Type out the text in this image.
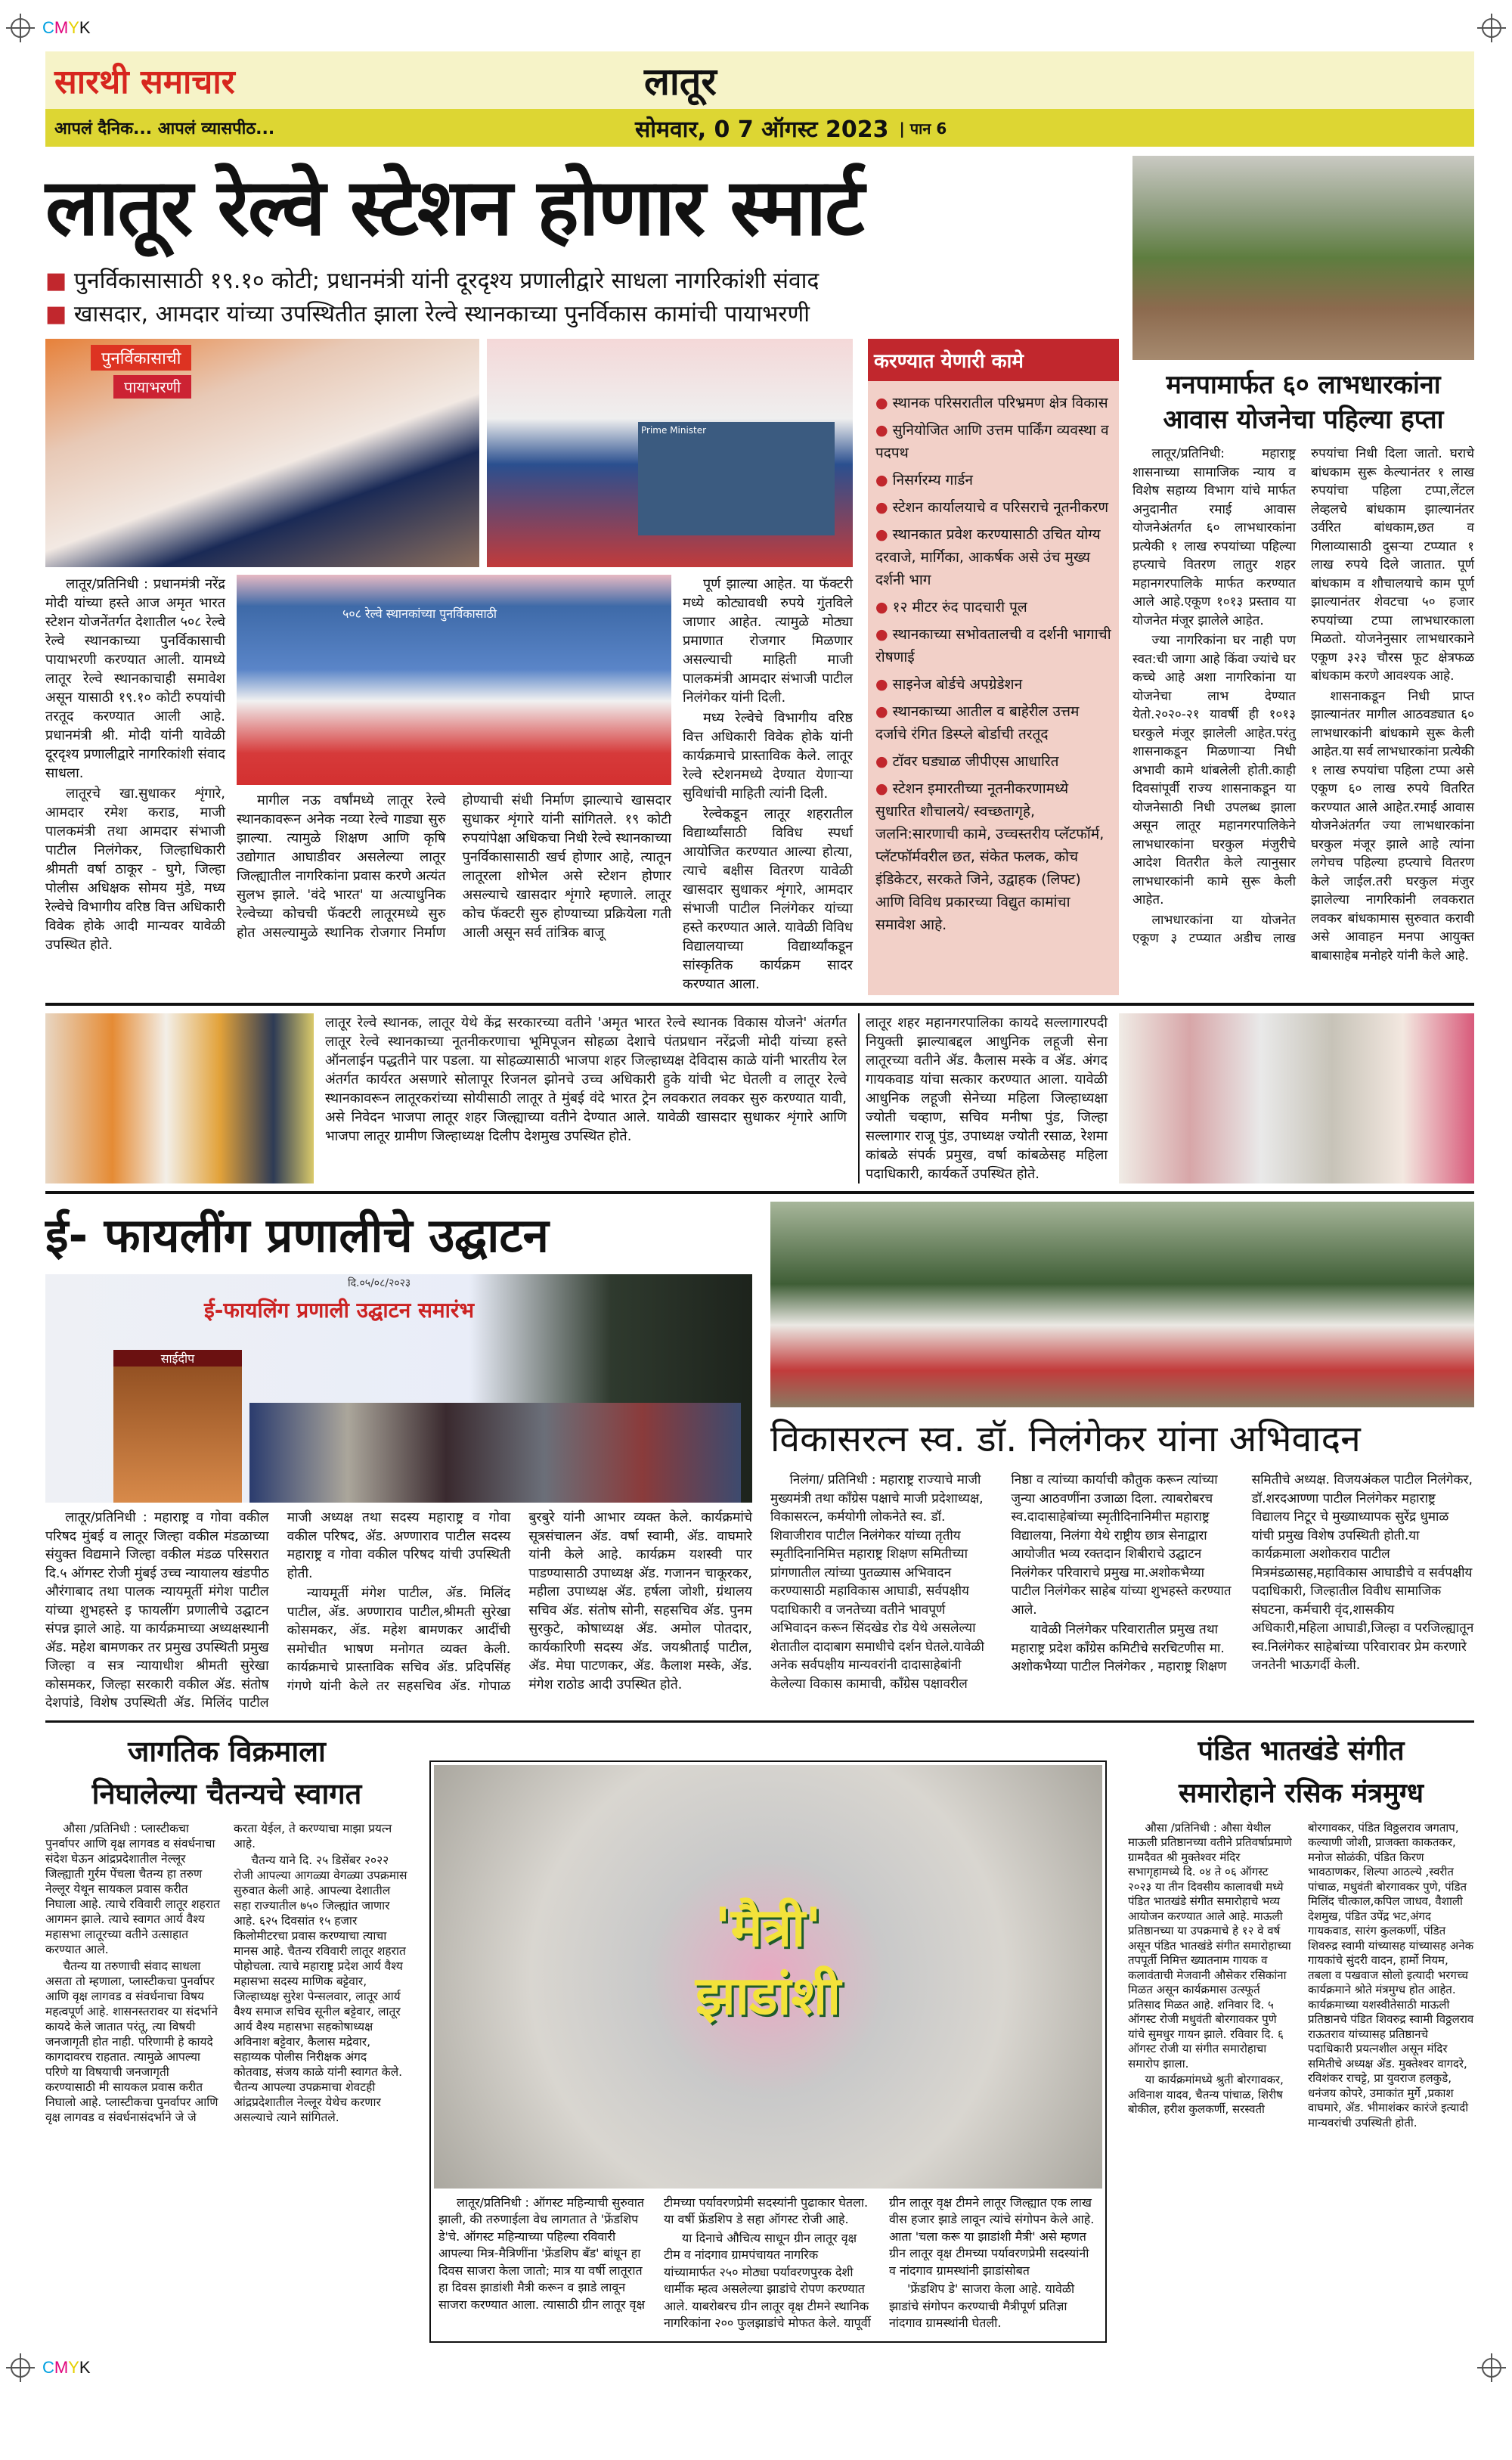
CMYK
सारथी समाचार	लातूर
आपलं दैनिक... आपलं व्यासपीठ...	सोमवार, 0 7 ऑगस्ट 2023 | पान 6
लातूर रेल्वे स्टेशन होणार स्मार्ट
■ पुनर्विकासासाठी १९.१० कोटी; प्रधानमंत्री यांनी दूरदृश्य प्रणालीद्वारे साधला नागरिकांशी संवाद
■ खासदार, आमदार यांच्या उपस्थितीत झाला रेल्वे स्थानकाच्या पुनर्विकास कामांची पायाभरणी
पुनर्विकासाची
पायाभरणी
Prime Minister

लातूर/प्रतिनिधी : प्रधानमंत्री नरेंद्र मोदी यांच्या हस्ते आज अमृत भारत स्टेशन योजनेंतर्गत देशातील ५०८ रेल्वे रेल्वे स्थानकाच्या पुनर्विकासाची पायाभरणी करण्यात आली. यामध्ये लातूर रेल्वे स्थानकाचाही समावेश असून यासाठी १९.१० कोटी रुपयांची तरतूद करण्यात आली आहे. प्रधानमंत्री श्री. मोदी यांनी यावेळी दूरदृश्य प्रणालीद्वारे नागरिकांशी संवाद साधला.

लातूरचे खा.सुधाकर शृंगारे, आमदार रमेश कराड, माजी पालकमंत्री तथा आमदार संभाजी पाटील निलंगेकर, जिल्हाधिकारी श्रीमती वर्षा ठाकूर - घुगे, जिल्हा पोलीस अधिक्षक सोमय मुंडे, मध्य रेल्वेचे विभागीय वरिष्ठ वित्त अधिकारी विवेक होके आदी मान्यवर यावेळी उपस्थित होते.

५०८ रेल्वे स्थानकांच्या पुनर्विकासाठी

मागील नऊ वर्षांमध्ये लातूर रेल्वे स्थानकावरून अनेक नव्या रेल्वे गाड्या सुरु झाल्या. त्यामुळे शिक्षण आणि कृषि उद्योगात आघाडीवर असलेल्या लातूर जिल्ह्यातील नागरिकांना प्रवास करणे अत्यंत सुलभ झाले. 'वंदे भारत' या अत्याधुनिक रेल्वेच्या कोचची फॅक्टरी लातूरमध्ये सुरु होत असल्यामुळे स्थानिक रोजगार निर्माण होण्याची संधी निर्माण झाल्याचे खासदार सुधाकर शृंगारे यांनी सांगितले. १९ कोटी रुपयांपेक्षा अधिकचा निधी रेल्वे स्थानकाच्या पुनर्विकासासाठी खर्च होणार आहे, त्यातून लातूरला शोभेल असे स्टेशन होणार असल्याचे खासदार शृंगारे म्हणाले. लातूर कोच फॅक्टरी सुरु होण्याच्या प्रक्रियेला गती आली असून सर्व तांत्रिक बाजू

पूर्ण झाल्या आहेत. या फॅक्टरी मध्ये कोट्यावधी रुपये गुंतविले जाणार आहेत. त्यामुळे मोठ्या प्रमाणात रोजगार मिळणार असल्याची माहिती माजी पालकमंत्री आमदार संभाजी पाटील निलंगेकर यांनी दिली.

मध्य रेल्वेचे विभागीय वरिष्ठ वित्त अधिकारी विवेक होके यांनी कार्यक्रमाचे प्रास्ताविक केले. लातूर रेल्वे स्टेशनमध्ये देण्यात येणाऱ्या सुविधांची माहिती त्यांनी दिली.

रेल्वेकडून लातूर शहरातील विद्यार्थ्यांसाठी विविध स्पर्धा आयोजित करण्यात आल्या होत्या, त्याचे बक्षीस वितरण यावेळी खासदार सुधाकर शृंगारे, आमदार संभाजी पाटील निलंगेकर यांच्या हस्ते करण्यात आले. यावेळी विविध विद्यालयाच्या विद्यार्थ्यांकडून सांस्कृतिक कार्यक्रम सादर करण्यात आला.

करण्यात येणारी कामे
● स्थानक परिसरातील परिभ्रमण क्षेत्र विकास
● सुनियोजित आणि उत्तम पार्किंग व्यवस्था व पदपथ
● निसर्गरम्य गार्डन
● स्टेशन कार्यालयाचे व परिसराचे नूतनीकरण
● स्थानकात प्रवेश करण्यासाठी उचित योग्य दरवाजे, मार्गिका, आकर्षक असे उंच मुख्य दर्शनी भाग
● १२ मीटर रुंद पादचारी पूल
● स्थानकाच्या सभोवतालची व दर्शनी भागाची रोषणाई
● साइनेज बोर्डचे अपग्रेडेशन
● स्थानकाच्या आतील व बाहेरील उत्तम दर्जाचे रंगित डिस्प्ले बोर्डाची तरतूद
● टॉवर घड्याळ जीपीएस आधारित
● स्टेशन इमारतीच्या नूतनीकरणामध्ये सुधारित शौचालये/ स्वच्छतागृहे, जलनि:सारणाची कामे, उच्चस्तरीय प्लॅटफॉर्म, प्लॅटफॉर्मवरील छत, संकेत फलक, कोच इंडिकेटर, सरकते जिने, उद्वाहक (लिफ्ट) आणि विविध प्रकारच्या विद्युत कामांचा समावेश आहे.
मनपामार्फत ६० लाभधारकांना आवास योजनेचा पहिल्या हप्ता

लातूर/प्रतिनिधी: महाराष्ट्र शासनाच्या सामाजिक न्याय व विशेष सहाय्य विभाग यांचे मार्फत अनुदानीत रमाई आवास योजनेअंतर्गत ६० लाभधारकांना प्रत्येकी १ लाख रुपयांच्या पहिल्या हप्त्याचे वितरण लातुर शहर महानगरपालिके मार्फत करण्यात आले आहे.एकूण १०१३ प्रस्ताव या योजनेत मंजूर झालेले आहेत.

ज्या नागरिकांना घर नाही पण स्वत:ची जागा आहे किंवा ज्यांचे घर कच्चे आहे अशा नागरिकांना या योजनेचा लाभ देण्यात येतो.२०२०-२१ यावर्षी ही १०१३ घरकुले मंजूर झालेली आहेत.परंतु शासनाकडून मिळणाऱ्या निधी अभावी कामे थांबलेली होती.काही दिवसांपूर्वी राज्य शासनाकडून या योजनेसाठी निधी उपलब्ध झाला असून लातूर महानगरपालिकेने लाभधारकांना घरकुल मंजुरीचे आदेश वितरीत केले त्यानुसार लाभधारकांनी कामे सुरू केली आहेत.

लाभधारकांना या योजनेत एकूण ३ टप्प्यात अडीच लाख रुपयांचा निधी दिला जातो. घराचे बांधकाम सुरू केल्यानंतर १ लाख रुपयांचा पहिला टप्पा,लेंटल लेव्हलचे बांधकाम झाल्यानंतर उर्वरित बांधकाम,छत व गिलाव्यासाठी दुसऱ्या टप्प्यात १ लाख रुपये दिले जातात. पूर्ण बांधकाम व शौचालयाचे काम पूर्ण झाल्यानंतर शेवटचा ५० हजार रुपयांच्या टप्पा लाभधारकाला मिळतो. योजनेनुसार लाभधारकाने एकूण ३२३ चौरस फूट क्षेत्रफळ बांधकाम करणे आवश्यक आहे.

शासनाकडून निधी प्राप्त झाल्यानंतर मागील आठवड्यात ६० लाभधारकांनी बांधकामे सुरू केली आहेत.या सर्व लाभधारकांना प्रत्येकी १ लाख रुपयांचा पहिला टप्पा असे एकूण ६० लाख रुपये वितरित करण्यात आले आहेत.रमाई आवास योजनेअंतर्गत ज्या लाभधारकांना घरकुल मंजूर झाले आहे त्यांना लगेचच पहिल्या हप्त्याचे वितरण केले जाईल.तरी घरकुल मंजुर झालेल्या नागरिकांनी लवकरात लवकर बांधकामास सुरुवात करावी असे आवाहन मनपा आयुक्त बाबासाहेब मनोहरे यांनी केले आहे.

लातूर रेल्वे स्थानक, लातूर येथे केंद्र सरकारच्या वतीने 'अमृत भारत रेल्वे स्थानक विकास योजने' अंतर्गत लातूर रेल्वे स्थानकाच्या नूतनीकरणाचा भूमिपूजन सोहळा देशाचे पंतप्रधान नरेंद्रजी मोदी यांच्या हस्ते ऑनलाईन पद्धतीने पार पडला. या सोहळ्यासाठी भाजपा शहर जिल्हाध्यक्ष देविदास काळे यांनी भारतीय रेल अंतर्गत कार्यरत असणारे सोलापूर रिजनल झोनचे उच्च अधिकारी हुके यांची भेट घेतली व लातूर रेल्वे स्थानकावरून लातूरकरांच्या सोयीसाठी लातूर ते मुंबई वंदे भारत ट्रेन लवकरात लवकर सुरु करण्यात यावी, असे निवेदन भाजपा लातूर शहर जिल्ह्याच्या वतीने देण्यात आले. यावेळी खासदार सुधाकर शृंगारे आणि भाजपा लातूर ग्रामीण जिल्हाध्यक्ष दिलीप देशमुख उपस्थित होते.
लातूर शहर महानगरपालिका कायदे सल्लागारपदी नियुक्ती झाल्याबद्दल आधुनिक लहूजी सेना लातूरच्या वतीने ॲड. कैलास मस्के व ॲड. अंगद गायकवाड यांचा सत्कार करण्यात आला. यावेळी आधुनिक लहूजी सेनेच्या महिला जिल्हाध्यक्षा ज्योती चव्हाण, सचिव मनीषा पुंड, जिल्हा सल्लागार राजू पुंड, उपाध्यक्ष ज्योती रसाळ, रेशमा कांबळे संपर्क प्रमुख, वर्षा कांबळेसह महिला पदाधिकारी, कार्यकर्ते उपस्थित होते.
ई- फायलींग प्रणालीचे उद्घाटन
दि.०५/०८/२०२३
ई-फायलिंग प्रणाली उद्घाटन समारंभ
साईदीप

लातूर/प्रतिनिधी : महाराष्ट्र व गोवा वकील परिषद मुंबई व लातूर जिल्हा वकील मंडळाच्या संयुक्त विद्यमाने जिल्हा वकील मंडळ परिसरात दि.५ ऑगस्ट रोजी मुंबई उच्च न्यायालय खंडपीठ औरंगाबाद तथा पालक न्यायमूर्ती मंगेश पाटील यांच्या शुभहस्ते इ फायलींग प्रणालीचे उद्घाटन संपन्न झाले आहे. या कार्यक्रमाच्या अध्यक्षस्थानी ॲड. महेश बामणकर तर प्रमुख उपस्थिती प्रमुख जिल्हा व सत्र न्यायाधीश श्रीमती सुरेखा कोसमकर, जिल्हा सरकारी वकील ॲड. संतोष देशपांडे, विशेष उपस्थिती ॲड. मिलिंद पाटील माजी अध्यक्ष तथा सदस्य महाराष्ट्र व गोवा वकील परिषद, ॲड. अण्णाराव पाटील सदस्य महाराष्ट्र व गोवा वकील परिषद यांची उपस्थिती होती.

न्यायमूर्ती मंगेश पाटील, ॲड. मिलिंद पाटील, ॲड. अण्णाराव पाटील,श्रीमती सुरेखा कोसमकर, ॲड. महेश बामणकर आदींची समोचीत भाषण मनोगत व्यक्त केली. कार्यक्रमाचे प्रास्ताविक सचिव ॲड. प्रदिपसिंह गंगणे यांनी केले तर सहसचिव ॲड. गोपाळ बुरबुरे यांनी आभार व्यक्त केले. कार्यक्रमांचे सूत्रसंचालन ॲड. वर्षा स्वामी, ॲड. वाघमारे यांनी केले आहे. कार्यक्रम यशस्वी पार पाडण्यासाठी उपाध्यक्ष ॲड. गजानन चाकूरकर, महीला उपाध्यक्ष ॲड. हर्षला जोशी, ग्रंथालय सचिव ॲड. संतोष सोनी, सहसचिव ॲड. पुनम सुरकुटे, कोषाध्यक्ष ॲड. अमोल पोतदार, कार्यकारिणी सदस्य ॲड. जयश्रीताई पाटील, ॲड. मेघा पाटणकर, ॲड. कैलाश मस्के, ॲड. मंगेश राठोड आदी उपस्थित होते.

विकासरत्न स्व. डॉ. निलंगेकर यांना अभिवादन

निलंगा/ प्रतिनिधी : महाराष्ट्र राज्याचे माजी मुख्यमंत्री तथा काँग्रेस पक्षाचे माजी प्रदेशाध्यक्ष, विकासरत्न, कर्मयोगी लोकनेते स्व. डॉ. शिवाजीराव पाटील निलंगेकर यांच्या तृतीय स्मृतीदिनानिमित्त महाराष्ट्र शिक्षण समितीच्या प्रांगणातील त्यांच्या पुतळ्यास अभिवादन करण्यासाठी महाविकास आघाडी, सर्वपक्षीय पदाधिकारी व जनतेच्या वतीने भावपूर्ण अभिवादन करून सिंदखेड रोड येथे असलेल्या शेतातील दादाबाग समाधीचे दर्शन घेतले.यावेळी अनेक सर्वपक्षीय मान्यवरांनी दादासाहेबांनी केलेल्या विकास कामाची, काँग्रेस पक्षावरील निष्ठा व त्यांच्या कार्याची कौतुक करून त्यांच्या जुन्या आठवणींना उजाळा दिला. त्याबरोबरच स्व.दादासाहेबांच्या स्मृतीदिनानिमीत्त महाराष्ट्र विद्यालया, निलंगा येथे राष्ट्रीय छात्र सेनाद्वारा आयोजीत भव्य रक्तदान शिबीराचे उद्घाटन निलंगेकर परिवाराचे प्रमुख मा.अशोकभैय्या पाटील निलंगेकर साहेब यांच्या शुभहस्ते करण्यात आले.

यावेळी निलंगेकर परिवारातील प्रमुख तथा महाराष्ट्र प्रदेश काँग्रेस कमिटीचे सरचिटणीस मा. अशोकभैय्या पाटील निलंगेकर , महाराष्ट्र शिक्षण समितीचे अध्यक्ष. विजयअंकल पाटील निलंगेकर, डॉ.शरदआण्णा पाटील निलंगेकर महाराष्ट्र विद्यालय निटूर चे मुख्याध्यापक सुरेंद्र धुमाळ यांची प्रमुख विशेष उपस्थिती होती.या कार्यक्रमाला अशोकराव पाटील मित्रमंडळासह,महाविकास आघाडीचे व सर्वपक्षीय पदाधिकारी, जिल्हातील विवीध सामाजिक संघटना, कर्मचारी वृंद,शासकीय अधिकारी,महिला आघाडी,जिल्हा व परजिल्ह्यातून स्व.निलंगेकर साहेबांच्या परिवारावर प्रेम करणारे जनतेनी भाऊगर्दी केली.

जागतिक विक्रमाला
निघालेल्या चैतन्यचे स्वागत

औसा /प्रतिनिधी : प्लास्टीकचा पुनर्वापर आणि वृक्ष लागवड व संवर्धनाचा संदेश घेऊन आंद्रप्रदेशातील नेल्लूर जिल्ह्याती गुर्रम पेंचला चैतन्य हा तरुण नेल्लूर येथून सायकल प्रवास करीत निघाला आहे. त्याचे रविवारी लातूर शहरात आगमन झाले. त्याचे स्वागत आर्य वैश्य महासभा लातूरच्या वतीने उत्साहात करण्यात आले.

चैतन्य या तरुणाची संवाद साधला असता तो म्हणाला, प्लास्टीकचा पुनर्वापर आणि वृक्ष लागवड व संवर्धनाचा विषय महत्वपूर्ण आहे. शासनस्तरावर या संदर्भाने कायदे केले जातात परंतू, त्या विषयी जनजागृती होत नाही. परिणामी हे कायदे कागदावरच राहतात. त्यामुळे आपल्या परिणे या विषयाची जनजागृती करण्यासाठी मी सायकल प्रवास करीत निघालो आहे. प्लास्टीकचा पुनर्वापर आणि वृक्ष लागवड व संवर्धनासंदर्भाने जे जे करता येईल, ते करण्याचा माझा प्रयत्न आहे.

चैतन्य याने दि. २५ डिसेंबर २०२२ रोजी आपल्या आगळ्या वेगळ्या उपक्रमास सुरुवात केली आहे. आपल्या देशातील सहा राज्यातील ७५० जिल्ह्यांत जाणार आहे. ६२५ दिवसांत १५ हजार किलोमीटरचा प्रवास करण्याचा त्याचा मानस आहे. चैतन्य रविवारी लातूर शहरात पोहोचला. त्याचे महाराष्ट्र प्रदेश आर्य वैश्य महासभा सदस्य माणिक बट्टेवार, जिल्हाध्यक्ष सुरेश पेन्सलवार, लातूर आर्य वैश्य समाज सचिव सूनील बट्टेवार, लातूर आर्य वैश्य महासभा सहकोषाध्यक्ष अविनाश बट्टेवार, कैलास मद्रेवार, सहाय्यक पोलीस निरीक्षक अंगद कोतवाड, संजय काळे यांनी स्वागत केले. चैतन्य आपल्या उपक्रमाचा शेवटही आंद्रप्रदेशातील नेल्लूर येथेच करणार असल्याचे त्याने सांगितले.

'मैत्री'
झाडांशी

लातूर/प्रतिनिधी : ऑगस्ट महिन्याची सुरुवात झाली, की तरुणाईला वेध लागतात ते 'फ्रेंडशिप डे'चे. ऑगस्ट महिन्याच्या पहिल्या रविवारी आपल्या मित्र-मैत्रिणींना 'फ्रेंडशिप बँड' बांधून हा दिवस साजरा केला जातो; मात्र या वर्षी लातूरात हा दिवस झाडांशी मैत्री करून व झाडे लावून साजरा करण्यात आला. त्यासाठी ग्रीन लातूर वृक्ष टीमच्या पर्यावरणप्रेमी सदस्यांनी पुढाकार घेतला. या वर्षी फ्रेंडशिप डे सहा ऑगस्ट रोजी आहे.

या दिनाचे औचित्य साधून ग्रीन लातूर वृक्ष टीम व नांदगाव ग्रामपंचायत नागरिक यांच्यामार्फत २५० मोठ्या पर्यावरणपुरक देशी धार्मीक म्हत्व असलेल्या झाडांचे रोपण करण्यात आले. याबरोबरच ग्रीन लातूर वृक्ष टीमने स्थानिक नागरिकांना २०० फुलझाडांचे मोफत केले. यापूर्वी ग्रीन लातूर वृक्ष टीमने लातूर जिल्ह्यात एक लाख वीस हजार झाडे लावून त्यांचे संगोपन केले आहे. आता 'चला करू या झाडांशी मैत्री' असे म्हणत ग्रीन लातूर वृक्ष टीमच्या पर्यावरणप्रेमी सदस्यांनी व नांदगाव ग्रामस्थांनी झाडांसोबत

'फ्रेंडशिप डे' साजरा केला आहे. यावेळी झाडांचे संगोपन करण्याची मैत्रीपूर्ण प्रतिज्ञा नांदगाव ग्रामस्थांनी घेतली.

पंडित भातखंडे संगीत
समारोहाने रसिक मंत्रमुग्ध

औसा /प्रतिनिधी : औसा येथील माऊली प्रतिष्ठानच्या वतीने प्रतिवर्षाप्रमाणे ग्रामदैवत श्री मुक्तेश्वर मंदिर सभागृहामध्ये दि. ०४ ते ०६ ऑगस्ट २०२३ या तीन दिवसीय कालावधी मध्ये पंडित भातखंडे संगीत समारोहाचे भव्य आयोजन करण्यात आले आहे. माऊली प्रतिष्ठानच्या या उपक्रमाचे हे १२ वे वर्ष असून पंडित भातखंडे संगीत समारोहाच्या तपपूर्ती निमित्त ख्यातनाम गायक व कलावंताची मेजवानी औसेकर रसिकांना मिळत असून कार्यक्रमास उत्स्फूर्त प्रतिसाद मिळत आहे. शनिवार दि. ५ ऑगस्ट रोजी मधुवंती बोरगावकर पुणे यांचे सुमधुर गायन झाले. रविवार दि. ६ ऑगस्ट रोजी या संगीत समारोहाचा समारोप झाला.

या कार्यक्रमांमध्ये श्रुती बोरगावकर, अविनाश यादव, चैतन्य पांचाळ, शिरीष बोकील, हरीश कुलकर्णी, सरस्वती बोरगावकर, पंडित विठ्ठलराव जगताप, कल्याणी जोशी, प्राजक्ता काकतकर, मनोज सोळंकी, पंडित किरण भावठाणकर, शिल्पा आठल्ये ,स्वरीत पांचाळ, मधुवंती बोरगावकर पुणे, पंडित मिलिंद चीत्काल,कपिल जाधव, वैशाली देशमुख, पंडित उपेंद्र भट,अंगद गायकवाड, सारंग कुलकर्णी, पंडित शिवरुद्र स्वामी यांच्यासह यांच्यासह अनेक गायकांचे सुंदरी वादन, हार्मो नियम, तबला व पखवाज सोलो इत्यादी भरगच्च कार्यक्रमाने श्रोते मंत्रमुग्ध होत आहेत. कार्यक्रमाच्या यशस्वीतेसाठी माऊली प्रतिष्ठानचे पंडित शिवरुद्र स्वामी विठ्ठलराव राऊतराव यांच्यासह प्रतिष्ठानचे पदाधिकारी प्रयत्नशील असून मंदिर समितीचे अध्यक्ष ॲड. मुक्तेश्वर वागदरे, रविशंकर राचट्टे, प्रा युवराज हलकुडे, धनंजय कोपरे, उमाकांत मुर्गे ,प्रकाश वाघमारे, ॲड. भीमाशंकर कारंजे इत्यादी मान्यवरांची उपस्थिती होती.

CMYK
